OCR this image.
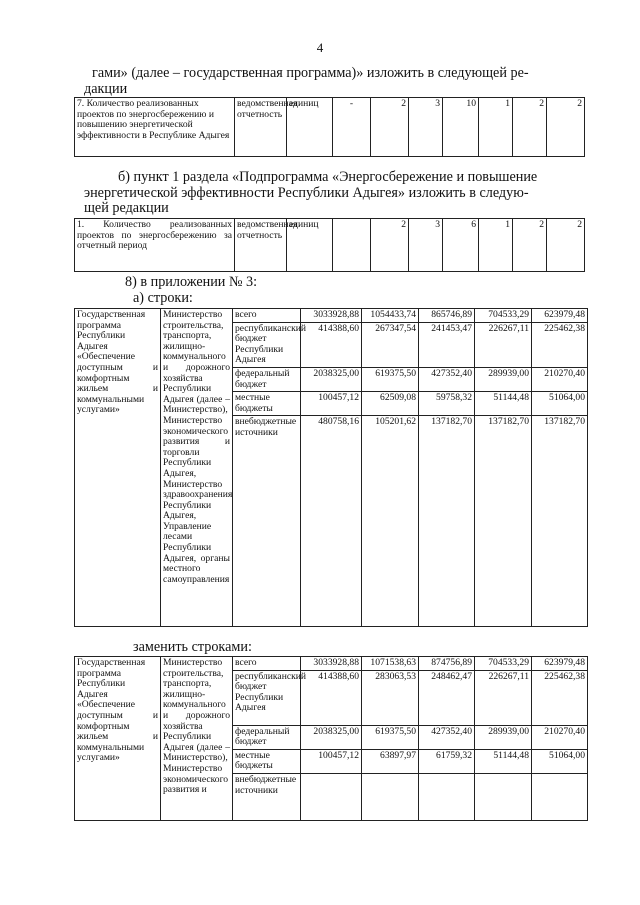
4
гами» (далее – государственная программа)» изложить в следующей ре-
дакции
7. Количество реализованных проектов по энергосбережению и повышению энергетической эффективности в Республике Адыгея	ведомственная отчетность	единиц	-	2	3	10	1	2	2
б) пункт 1 раздела «Подпрограмма «Энергосбережение и повышение
энергетической эффективности Республики Адыгея» изложить в следую-
щей редакции
1. Количество реализованных проектов по энергосбережению за отчетный период	ведомственная отчетность	единиц		2	3	6	1	2	2
8) в приложении № 3:
а) строки:
Государственная программа Республики Адыгея «Обеспечение доступным и комфортным жильем и коммунальными услугами»	Министерство строительства, транспорта, жилищно-коммунального и дорожного хозяйства Республики Адыгея (далее – Министерство), Министерство экономического развития и торговли Республики Адыгея, Министерство здравоохранения Республики Адыгея, Управление лесами Республики Адыгея, органы местного самоуправления	всего	3033928,88	1054433,74	865746,89	704533,29	623979,48
		республиканский бюджет Республики Адыгея	414388,60	267347,54	241453,47	226267,11	225462,38
		федеральный бюджет	2038325,00	619375,50	427352,40	289939,00	210270,40
		местные бюджеты	100457,12	62509,08	59758,32	51144,48	51064,00
		внебюджетные источники	480758,16	105201,62	137182,70	137182,70	137182,70
заменить строками:
Государственная программа Республики Адыгея «Обеспечение доступным и комфортным жильем и коммунальными услугами»	Министерство строительства, транспорта, жилищно-коммунального и дорожного хозяйства Республики Адыгея (далее – Министерство), Министерство экономического развития и	всего	3033928,88	1071538,63	874756,89	704533,29	623979,48
		республиканский бюджет Республики Адыгея	414388,60	283063,53	248462,47	226267,11	225462,38
		федеральный бюджет	2038325,00	619375,50	427352,40	289939,00	210270,40
		местные бюджеты	100457,12	63897,97	61759,32	51144,48	51064,00
		внебюджетные источники					
